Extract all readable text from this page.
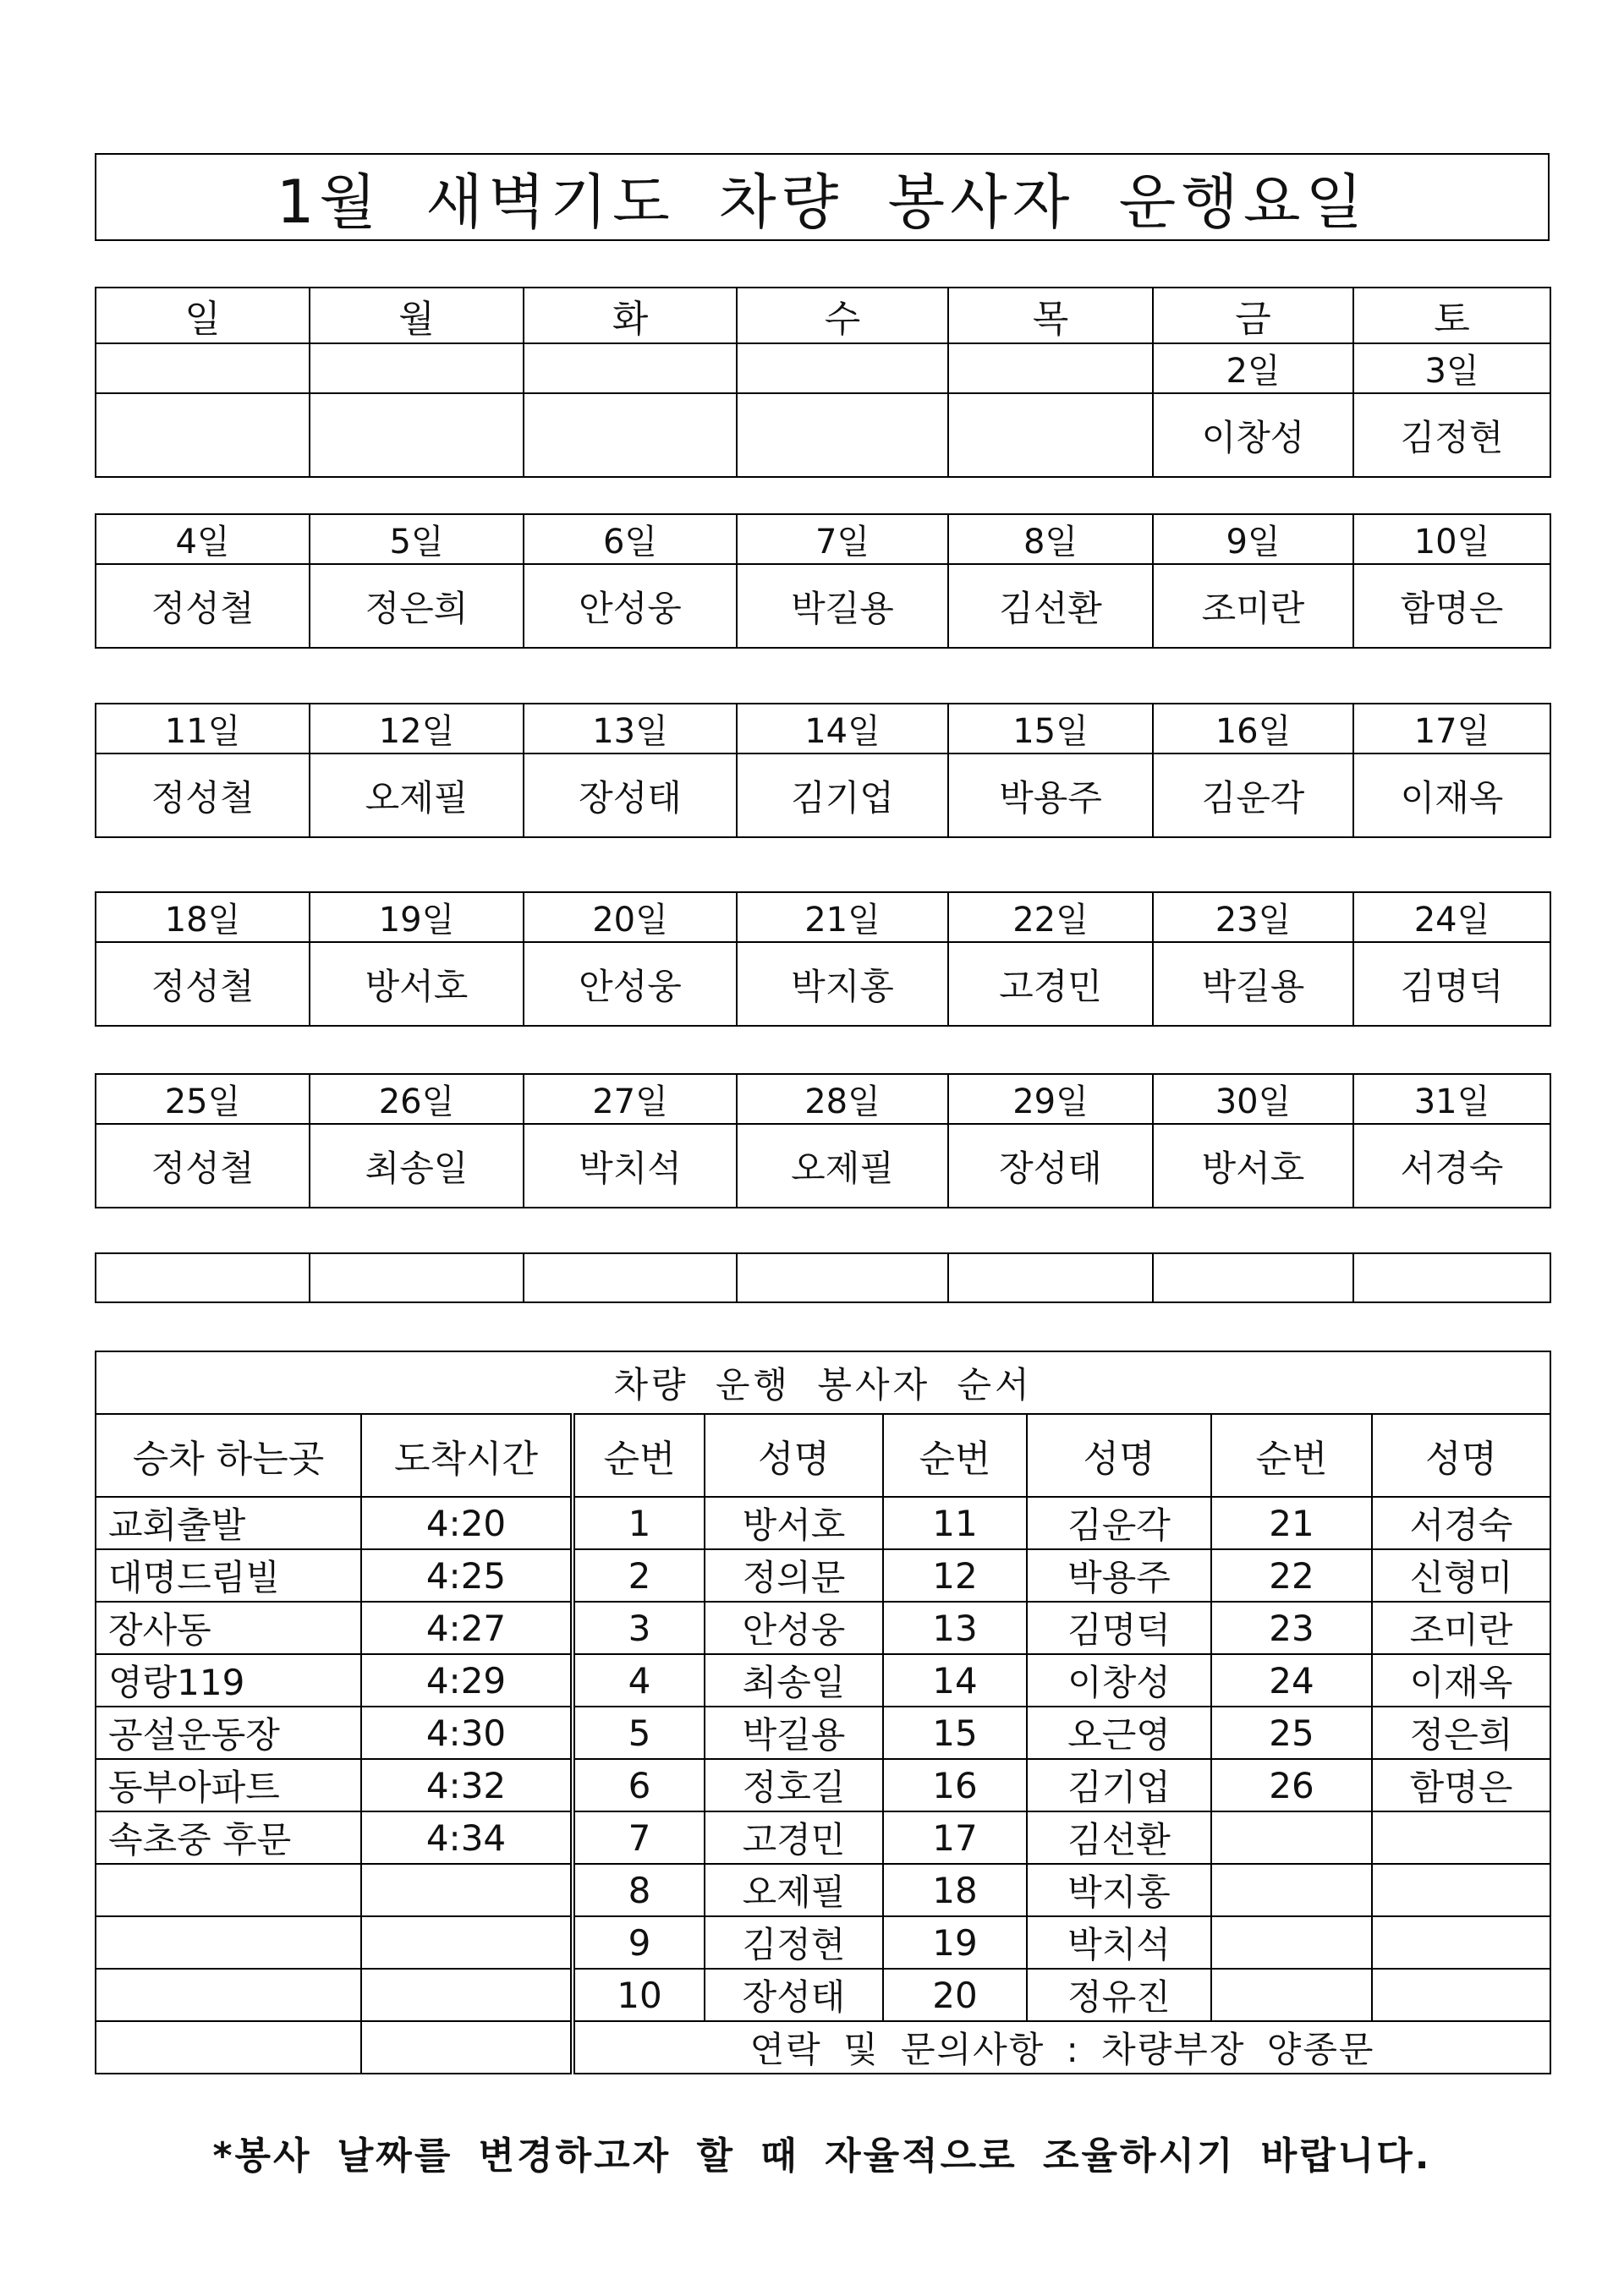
1월 새벽기도 차량 봉사자 운행요일
일	월	화	수	목	금	토
					2일	3일
					이창성	김정현
4일	5일	6일	7일	8일	9일	10일
정성철	정은희	안성웅	박길용	김선환	조미란	함명은
11일	12일	13일	14일	15일	16일	17일
정성철	오제필	장성태	김기업	박용주	김운각	이재옥
18일	19일	20일	21일	22일	23일	24일
정성철	방서호	안성웅	박지홍	고경민	박길용	김명덕
25일	26일	27일	28일	29일	30일	31일
정성철	최송일	박치석	오제필	장성태	방서호	서경숙

차량 운행 봉사자 순서							
승차 하는곳	도착시간	순번	성명	순번	성명	순번	성명
교회출발	4:20	1	방서호	11	김운각	21	서경숙
대명드림빌	4:25	2	정의문	12	박용주	22	신형미
장사동	4:27	3	안성웅	13	김명덕	23	조미란
영랑119	4:29	4	최송일	14	이창성	24	이재옥
공설운동장	4:30	5	박길용	15	오근영	25	정은희
동부아파트	4:32	6	정호길	16	김기업	26	함명은
속초중 후문	4:34	7	고경민	17	김선환		
		8	오제필	18	박지홍		
		9	김정현	19	박치석		
		10	장성태	20	정유진		
		연락 및 문의사항 : 차량부장 양종문					
*봉사 날짜를 변경하고자 할 때 자율적으로 조율하시기 바랍니다.
